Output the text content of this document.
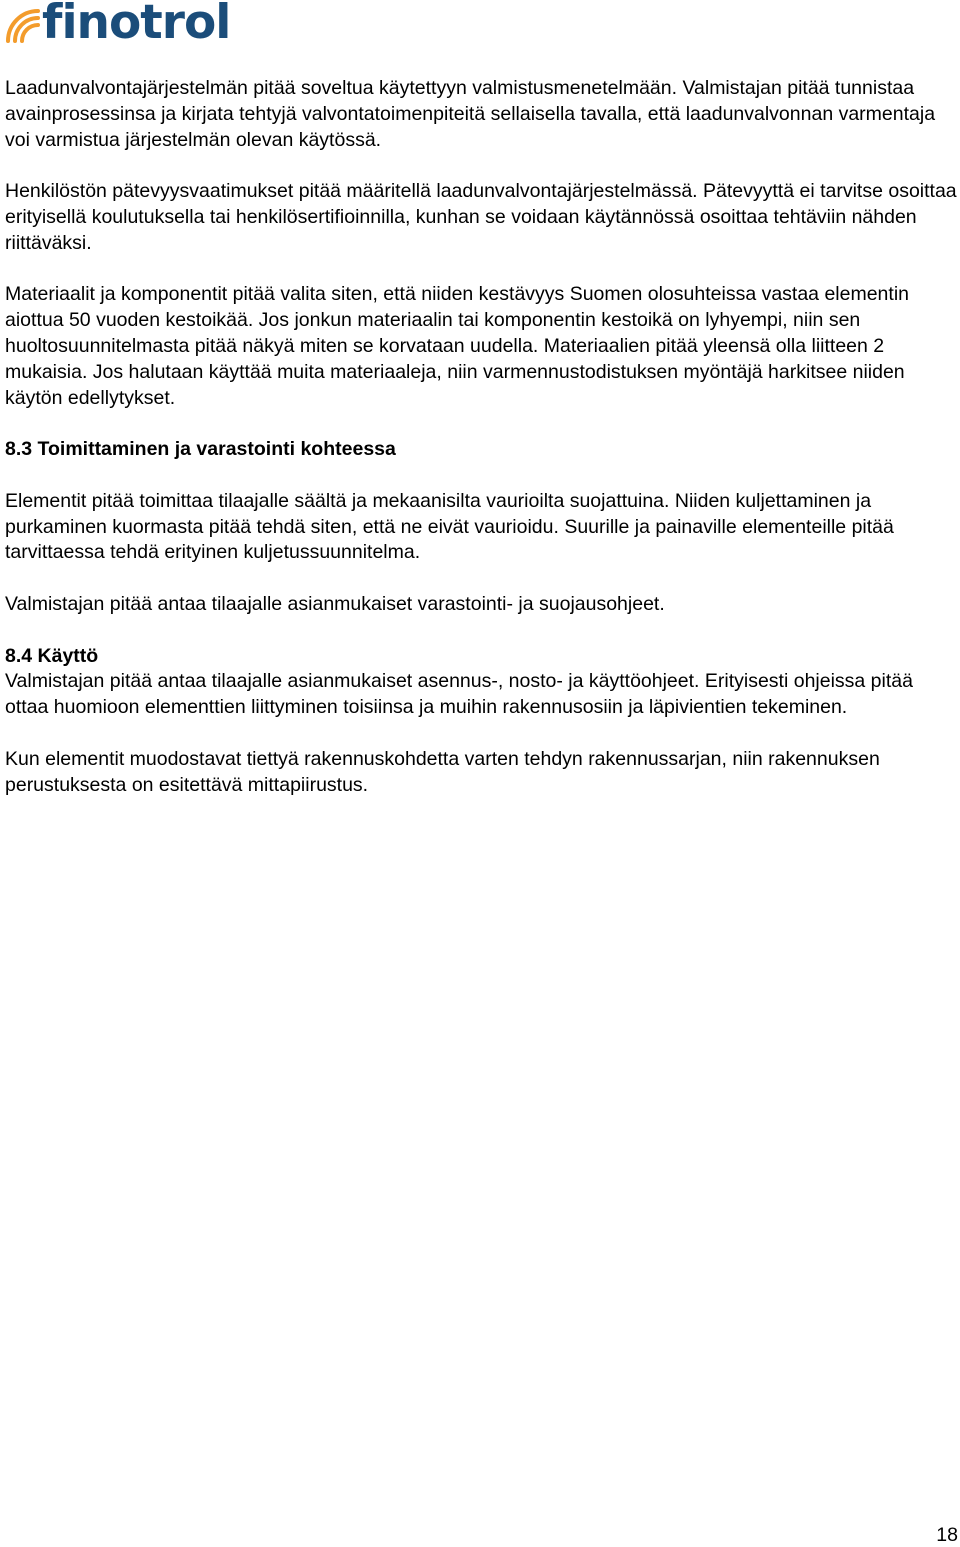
finotrol

Laadunvalvontajärjestelmän pitää soveltua käytettyyn valmistusmenetelmään. Valmistajan pitää tunnistaa avainprosessinsa ja kirjata tehtyjä valvontatoimenpiteitä sellaisella tavalla, että laadunvalvonnan varmentaja voi varmistua järjestelmän olevan käytössä.

Henkilöstön pätevyysvaatimukset pitää määritellä laadunvalvontajärjestelmässä. Pätevyyttä ei tarvitse osoittaa erityisellä koulutuksella tai henkilösertifioinnilla, kunhan se voidaan käytännössä osoittaa tehtäviin nähden riittäväksi.

Materiaalit ja komponentit pitää valita siten, että niiden kestävyys Suomen olosuhteissa vastaa elementin aiottua 50 vuoden kestoikää. Jos jonkun materiaalin tai komponentin kestoikä on lyhyempi, niin sen huoltosuunnitelmasta pitää näkyä miten se korvataan uudella. Materiaalien pitää yleensä olla liitteen 2 mukaisia. Jos halutaan käyttää muita materiaaleja, niin varmennustodistuksen myöntäjä harkitsee niiden käytön edellytykset.

8.3 Toimittaminen ja varastointi kohteessa

Elementit pitää toimittaa tilaajalle säältä ja mekaanisilta vaurioilta suojattuina. Niiden kuljettaminen ja purkaminen kuormasta pitää tehdä siten, että ne eivät vaurioidu. Suurille ja painaville elementeille pitää tarvittaessa tehdä erityinen kuljetussuunnitelma.

Valmistajan pitää antaa tilaajalle asianmukaiset varastointi- ja suojausohjeet.

8.4 Käyttö

Valmistajan pitää antaa tilaajalle asianmukaiset asennus-, nosto- ja käyttöohjeet. Erityisesti ohjeissa pitää ottaa huomioon elementtien liittyminen toisiinsa ja muihin rakennusosiin ja läpivientien tekeminen.

Kun elementit muodostavat tiettyä rakennuskohdetta varten tehdyn rakennussarjan, niin rakennuksen perustuksesta on esitettävä mittapiirustus.

18
